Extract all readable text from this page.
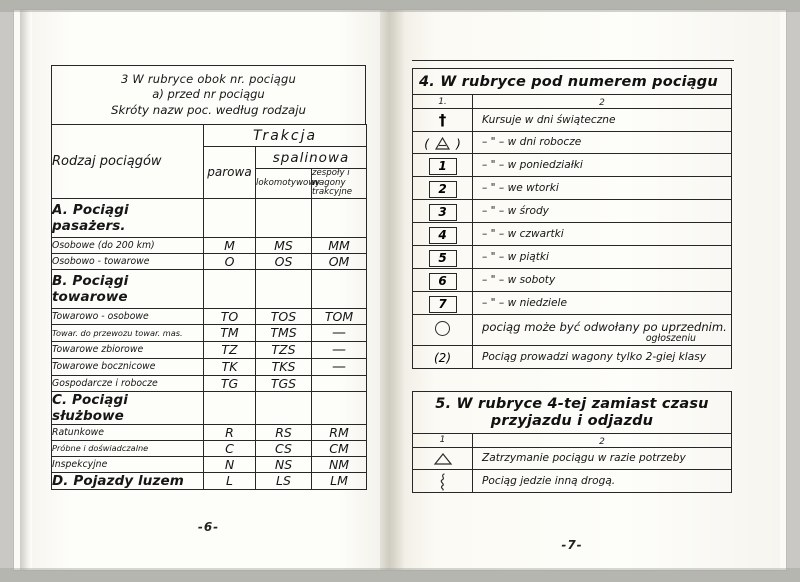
3 W rubryce obok nr. pociągu
a) przed nr pociągu
Skróty nazw poc. według rodzaju
Rodzaj pociągów	Trakcja		
	parowa	spalinowa	
		lokomotywowy	zespoły i wagony trakcyjne
A. Pociągi pasażers.			
Osobowe (do 200 km)	M	MS	MM
Osobowo - towarowe	O	OS	OM
B. Pociągi towarowe			
Towarowo - osobowe	TO	TOS	TOM
Towar. do przewozu towar. mas.	TM	TMS	—
Towarowe zbiorowe	TZ	TZS	—
Towarowe bocznicowe	TK	TKS	—
Gospodarcze i robocze	TG	TGS	
C. Pociągi służbowe			
Ratunkowe	R	RS	RM
Próbne i doświadczalne	C	CS	CM
Inspekcyjne	N	NS	NM
D. Pojazdy luzem	L	LS	LM
-6-
4. W rubryce pod numerem pociągu
1.	2
†	Kursuje w dni świąteczne
( )	– " – w dni robocze
1	– " – w poniedziałki
2	– " – we wtorki
3	– " – w środy
4	– " – w czwartki
5	– " – w piątki
6	– " – w soboty
7	– " – w niedziele
	pociąg może być odwołany po uprzednim.
ogłoszeniu

(2)	Pociąg prowadzi wagony tylko 2-giej klasy
5. W rubryce 4-tej zamiast czasu
przyjazdu i odjazdu
1	2
	Zatrzymanie pociągu w razie potrzeby
	Pociąg jedzie inną drogą.
-7-
